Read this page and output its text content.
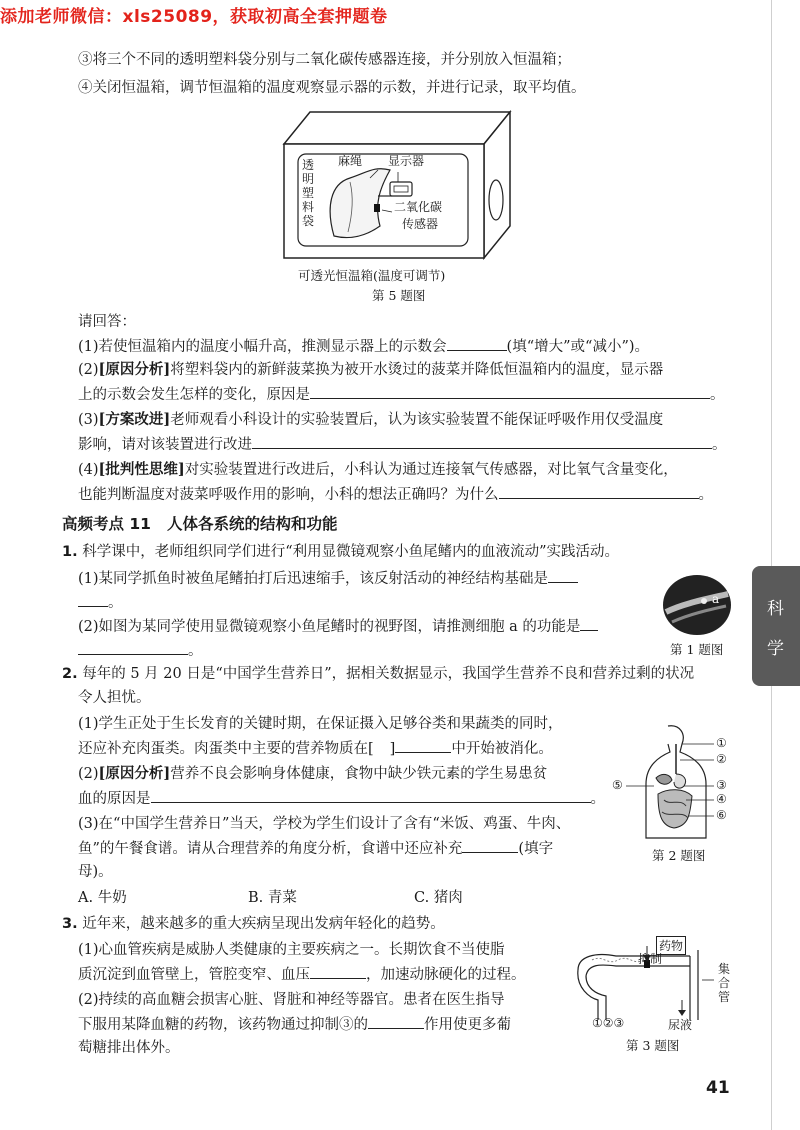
添加老师微信：xls25089，获取初高全套押题卷
③将三个不同的透明塑料袋分别与二氧化碳传感器连接，并分别放入恒温箱；
④关闭恒温箱，调节恒温箱的温度观察显示器的示数，并进行记录，取平均值。
透
明
塑
料
袋
麻绳 显示器
二氧化碳
传感器
可透光恒温箱(温度可调节)
第 5 题图
请回答：
(1)若使恒温箱内的温度小幅升高，推测显示器上的示数会	(填“增大”或“减小”)。
(2)[原因分析]将塑料袋内的新鲜菠菜换为被开水烫过的菠菜并降低恒温箱内的温度，显示器
上的示数会发生怎样的变化，原因是	。
(3)[方案改进]老师观看小科设计的实验装置后，认为该实验装置不能保证呼吸作用仅受温度
影响，请对该装置进行改进	。
(4)[批判性思维]对实验装置进行改进后，小科认为通过连接氧气传感器，对比氧气含量变化，
也能判断温度对菠菜呼吸作用的影响，小科的想法正确吗？为什么	。
高频考点 11 人体各系统的结构和功能
1. 科学课中，老师组织同学们进行“利用显微镜观察小鱼尾鳍内的血液流动”实践活动。
(1)某同学抓鱼时被鱼尾鳍拍打后迅速缩手，该反射活动的神经结构基础是
。
(2)如图为某同学使用显微镜观察小鱼尾鳍时的视野图，请推测细胞 a 的功能是
。
a
第 1 题图
科
学
2. 每年的 5 月 20 日是“中国学生营养日”，据相关数据显示，我国学生营养不良和营养过剩的状况
令人担忧。
(1)学生正处于生长发育的关键时期，在保证摄入足够谷类和果蔬类的同时，
还应补充肉蛋类。肉蛋类中主要的营养物质在[ ]	中开始被消化。
(2)[原因分析]营养不良会影响身体健康，食物中缺少铁元素的学生易患贫
血的原因是	。
(3)在“中国学生营养日”当天，学校为学生们设计了含有“米饭、鸡蛋、牛肉、
鱼”的午餐食谱。请从合理营养的角度分析，食谱中还应补充	(填字
母)。
A. 牛奶	B. 青菜	C. 猪肉
①
②
③
④
⑤
⑥
第 2 题图
3. 近年来，越来越多的重大疾病呈现出发病年轻化的趋势。
(1)心血管疾病是威胁人类健康的主要疾病之一。长期饮食不当使脂
质沉淀到血管壁上，管腔变窄、血压	，加速动脉硬化的过程。
(2)持续的高血糖会损害心脏、肾脏和神经等器官。患者在医生指导
下服用某降血糖的药物，该药物通过抑制③的	作用使更多葡
萄糖排出体外。
药物
抑制
集
合
管
尿液
①②③
第 3 题图
41
